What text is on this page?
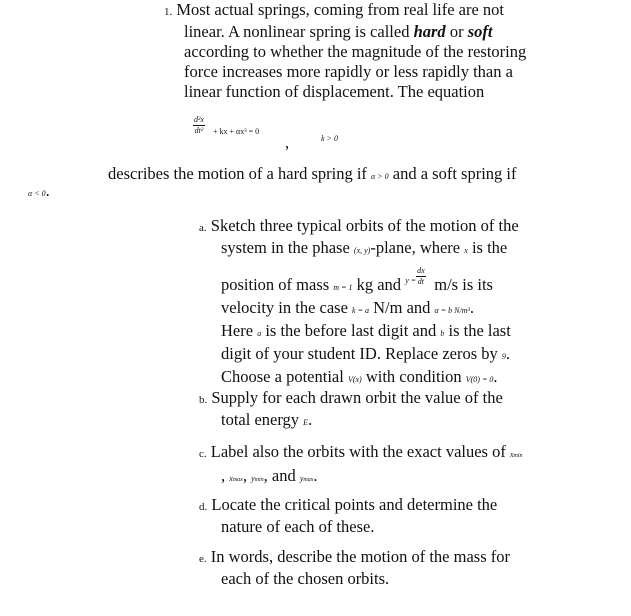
1. Most actual springs, coming from real life are not
linear. A nonlinear spring is called hard or soft
according to whether the magnitude of the restoring
force increases more rapidly or less rapidly than a
linear function of displacement. The equation
$\frac{\text{d²x}}{\text{dt²}}$ + kx + αx³ = 0
,	k > 0
describes the motion of a hard spring if α > 0 and a soft spring if
α < 0.
a. Sketch three typical orbits of the motion of the
system in the phase (x, y)-plane, where x is the
position of mass m = 1 kg and $^{y =} \frac{dx}{dt} m/s$ is its
velocity in the case k = a N/m and α = b N/m³.
Here a is the before last digit and b is the last
digit of your student ID. Replace zeros by 9.
Choose a potential V(x) with condition V(0) = 0.
b. Supply for each drawn orbit the value of the
total energy E.
c. Label also the orbits with the exact values of xmin
, xmax, ymin, and ymax.
d. Locate the critical points and determine the
nature of each of these.
e. In words, describe the motion of the mass for
each of the chosen orbits.
